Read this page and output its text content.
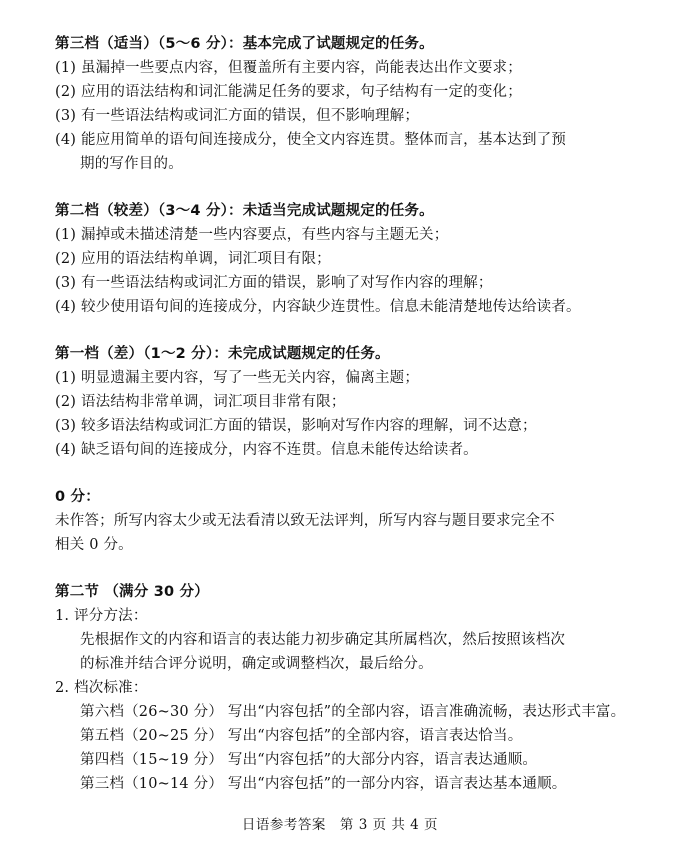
第三档（适当）（5～6 分）：基本完成了试题规定的任务。
(1) 虽漏掉一些要点内容，但覆盖所有主要内容，尚能表达出作文要求；
(2) 应用的语法结构和词汇能满足任务的要求，句子结构有一定的变化；
(3) 有一些语法结构或词汇方面的错误，但不影响理解；
(4) 能应用简单的语句间连接成分，使全文内容连贯。整体而言，基本达到了预
期的写作目的。
第二档（较差）（3～4 分）：未适当完成试题规定的任务。
(1) 漏掉或未描述清楚一些内容要点，有些内容与主题无关；
(2) 应用的语法结构单调，词汇项目有限；
(3) 有一些语法结构或词汇方面的错误，影响了对写作内容的理解；
(4) 较少使用语句间的连接成分，内容缺少连贯性。信息未能清楚地传达给读者。
第一档（差）（1～2 分）：未完成试题规定的任务。
(1) 明显遗漏主要内容，写了一些无关内容，偏离主题；
(2) 语法结构非常单调，词汇项目非常有限；
(3) 较多语法结构或词汇方面的错误，影响对写作内容的理解，词不达意；
(4) 缺乏语句间的连接成分，内容不连贯。信息未能传达给读者。
0 分：
未作答；所写内容太少或无法看清以致无法评判，所写内容与题目要求完全不
相关 0 分。
第二节 （满分 30 分）
1. 评分方法：
先根据作文的内容和语言的表达能力初步确定其所属档次，然后按照该档次
的标准并结合评分说明，确定或调整档次，最后给分。
2. 档次标准：
第六档（26~30 分） 写出“内容包括”的全部内容，语言准确流畅，表达形式丰富。
第五档（20~25 分） 写出“内容包括”的全部内容，语言表达恰当。
第四档（15~19 分） 写出“内容包括”的大部分内容，语言表达通顺。
第三档（10~14 分） 写出“内容包括”的一部分内容，语言表达基本通顺。
日语参考答案　第 3 页 共 4 页
